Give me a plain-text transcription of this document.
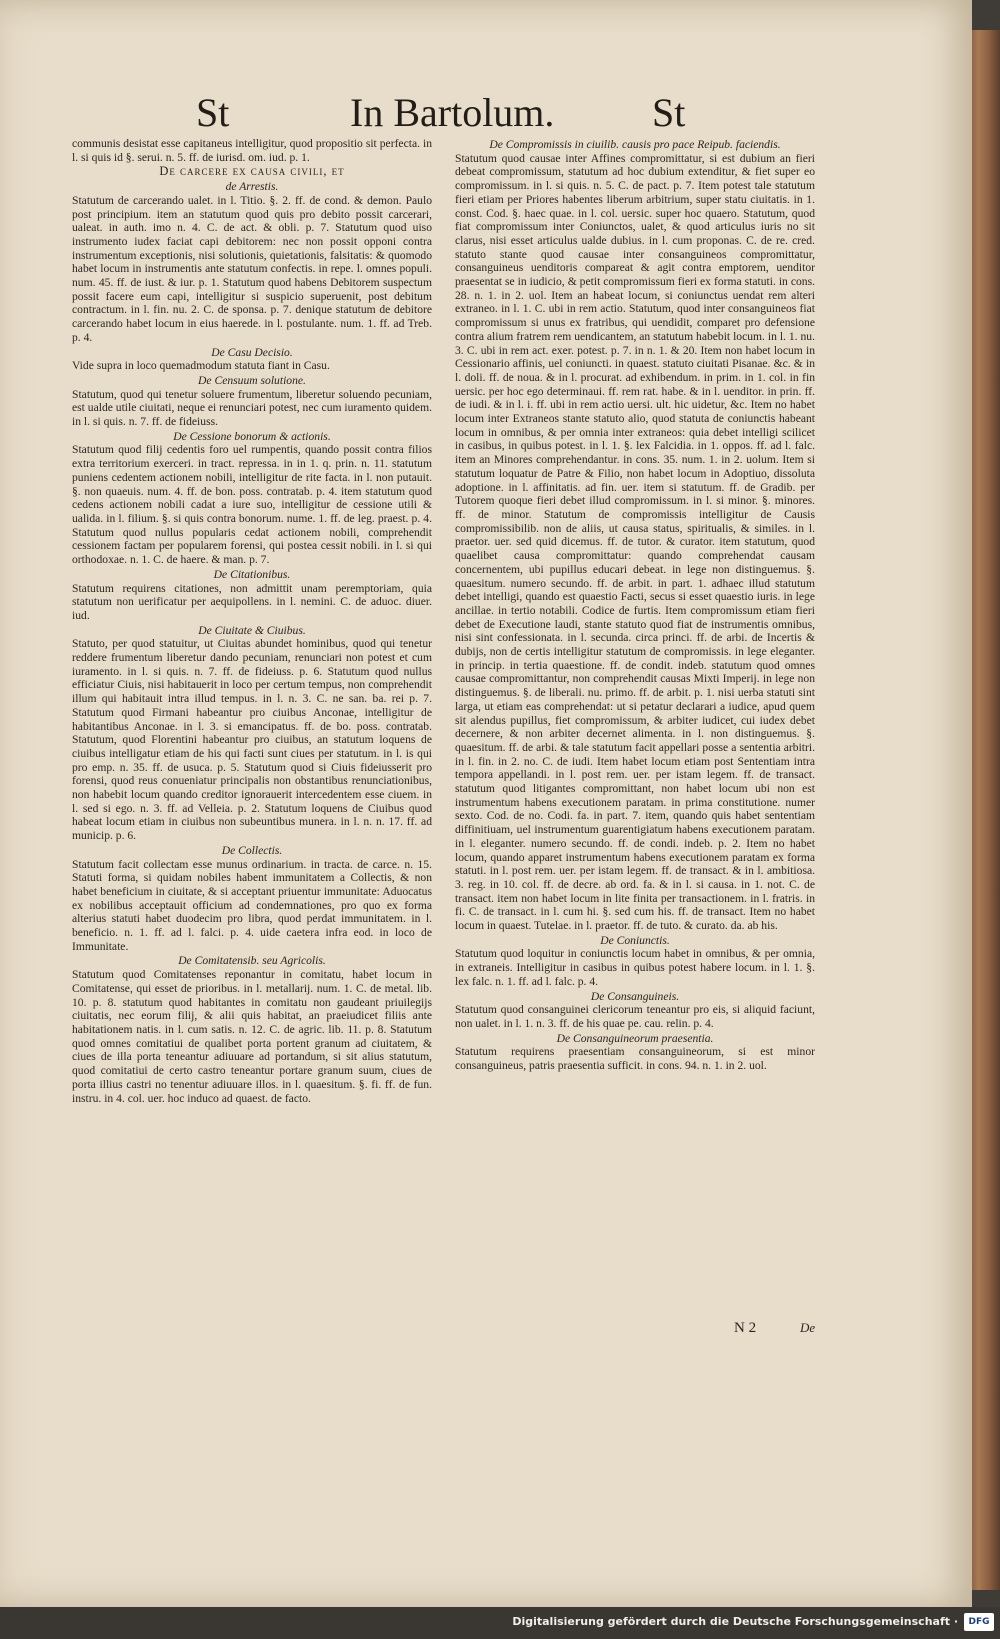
St	In Bartolum. St
communis desistat esse capitaneus intelligitur, quod propositio sit perfecta. in l. si quis id §. serui. n. 5. ff. de iurisd. om. iud. p. 1.
De carcere ex causa civili, et
de Arrestis.
Statutum de carcerando ualet. in l. Titio. §. 2. ff. de cond. & demon. Paulo post principium. item an statutum quod quis pro debito possit carcerari, ualeat. in auth. imo n. 4. C. de act. & obli. p. 7. Statutum quod uiso instrumento iudex faciat capi debitorem: nec non possit opponi contra instrumentum exceptionis, nisi solutionis, quietationis, falsitatis: & quomodo habet locum in instrumentis ante statutum confectis. in repe. l. omnes populi. num. 45. ff. de iust. & iur. p. 1. Statutum quod habens Debitorem suspectum possit facere eum capi, intelligitur si suspicio superuenit, post debitum contractum. in l. fin. nu. 2. C. de sponsa. p. 7. denique statutum de debitore carcerando habet locum in eius haerede. in l. postulante. num. 1. ff. ad Treb. p. 4.
De Casu Decisio.
Vide supra in loco quemadmodum statuta fiant in Casu.
De Censuum solutione.
Statutum, quod qui tenetur soluere frumentum, liberetur soluendo pecuniam, est ualde utile ciuitati, neque ei renunciari potest, nec cum iuramento quidem. in l. si quis. n. 7. ff. de fideiuss.
De Cessione bonorum & actionis.
Statutum quod filij cedentis foro uel rumpentis, quando possit contra filios extra territorium exerceri. in tract. repressa. in in 1. q. prin. n. 11. statutum puniens cedentem actionem nobili, intelligitur de rite facta. in l. non putauit. §. non quaeuis. num. 4. ff. de bon. poss. contratab. p. 4. item statutum quod cedens actionem nobili cadat a iure suo, intelligitur de cessione utili & ualida. in l. filium. §. si quis contra bonorum. nume. 1. ff. de leg. praest. p. 4. Statutum quod nullus popularis cedat actionem nobili, comprehendit cessionem factam per popularem forensi, qui postea cessit nobili. in l. si qui orthodoxae. n. 1. C. de haere. & man. p. 7.
De Citationibus.
Statutum requirens citationes, non admittit unam peremptoriam, quia statutum non uerificatur per aequipollens. in l. nemini. C. de aduoc. diuer. iud.
De Ciuitate & Ciuibus.
Statuto, per quod statuitur, ut Ciuitas abundet hominibus, quod qui tenetur reddere frumentum liberetur dando pecuniam, renunciari non potest et cum iuramento. in l. si quis. n. 7. ff. de fideiuss. p. 6. Statutum quod nullus efficiatur Ciuis, nisi habitauerit in loco per certum tempus, non comprehendit illum qui habitauit intra illud tempus. in l. n. 3. C. ne san. ba. rei p. 7. Statutum quod Firmani habeantur pro ciuibus Anconae, intelligitur de habitantibus Anconae. in l. 3. si emancipatus. ff. de bo. poss. contratab. Statutum, quod Florentini habeantur pro ciuibus, an statutum loquens de ciuibus intelligatur etiam de his qui facti sunt ciues per statutum. in l. is qui pro emp. n. 35. ff. de usuca. p. 5. Statutum quod si Ciuis fideiusserit pro forensi, quod reus conueniatur principalis non obstantibus renunciationibus, non habebit locum quando creditor ignorauerit intercedentem esse ciuem. in l. sed si ego. n. 3. ff. ad Velleia. p. 2. Statutum loquens de Ciuibus quod habeat locum etiam in ciuibus non subeuntibus munera. in l. n. n. 17. ff. ad municip. p. 6.
De Collectis.
Statutum facit collectam esse munus ordinarium. in tracta. de carce. n. 15. Statuti forma, si quidam nobiles habent immunitatem a Collectis, & non habet beneficium in ciuitate, & si acceptant priuentur immunitate: Aduocatus ex nobilibus acceptauit officium ad condemnationes, pro quo ex forma alterius statuti habet duodecim pro libra, quod perdat immunitatem. in l. beneficio. n. 1. ff. ad l. falci. p. 4. uide caetera infra eod. in loco de Immunitate.
De Comitatensib. seu Agricolis.
Statutum quod Comitatenses reponantur in comitatu, habet locum in Comitatense, qui esset de prioribus. in l. metallarij. num. 1. C. de metal. lib. 10. p. 8. statutum quod habitantes in comitatu non gaudeant priuilegijs ciuitatis, nec eorum filij, & alii quis habitat, an praeiudicet filiis ante habitationem natis. in l. cum satis. n. 12. C. de agric. lib. 11. p. 8. Statutum quod omnes comitatiui de qualibet porta portent granum ad ciuitatem, & ciues de illa porta teneantur adiuuare ad portandum, si sit alius statutum, quod comitatiui de certo castro teneantur portare granum suum, ciues de porta illius castri no tenentur adiuuare illos. in l. quaesitum. §. fi. ff. de fun. instru. in 4. col. uer. hoc induco ad quaest. de facto.
De Compromissis in ciuilib. causis pro pace Reipub. faciendis.
Statutum quod causae inter Affines compromittatur, si est dubium an fieri debeat compromissum, statutum ad hoc dubium extenditur, & fiet super eo compromissum. in l. si quis. n. 5. C. de pact. p. 7. Item potest tale statutum fieri etiam per Priores habentes liberum arbitrium, super statu ciuitatis. in 1. const. Cod. §. haec quae. in l. col. uersic. super hoc quaero. Statutum, quod fiat compromissum inter Coniunctos, ualet, & quod articulus iuris no sit clarus, nisi esset articulus ualde dubius. in l. cum proponas. C. de re. cred. statuto stante quod causae inter consanguineos compromittatur, consanguineus uenditoris compareat & agit contra emptorem, uenditor praesentat se in iudicio, & petit compromissum fieri ex forma statuti. in cons. 28. n. 1. in 2. uol. Item an habeat locum, si coniunctus uendat rem alteri extraneo. in l. 1. C. ubi in rem actio. Statutum, quod inter consanguineos fiat compromissum si unus ex fratribus, qui uendidit, comparet pro defensione contra alium fratrem rem uendicantem, an statutum habebit locum. in l. 1. nu. 3. C. ubi in rem act. exer. potest. p. 7. in n. 1. & 20. Item non habet locum in Cessionario affinis, uel coniuncti. in quaest. statuto ciuitati Pisanae. &c. & in l. doli. ff. de noua. & in l. procurat. ad exhibendum. in prim. in 1. col. in fin uersic. per hoc ego determinaui. ff. rem rat. habe. & in l. uenditor. in prin. ff. de iudi. & in l. i. ff. ubi in rem actio uersi. ult. hic uidetur, &c. Item no habet locum inter Extraneos stante statuto alio, quod statuta de coniunctis habeant locum in omnibus, & per omnia inter extraneos: quia debet intelligi scilicet in casibus, in quibus potest. in l. 1. §. lex Falcidia. in 1. oppos. ff. ad l. falc. item an Minores comprehendantur. in cons. 35. num. 1. in 2. uolum. Item si statutum loquatur de Patre & Filio, non habet locum in Adoptiuo, dissoluta adoptione. in l. affinitatis. ad fin. uer. item si statutum. ff. de Gradib. per Tutorem quoque fieri debet illud compromissum. in l. si minor. §. minores. ff. de minor. Statutum de compromissis intelligitur de Causis compromissibilib. non de aliis, ut causa status, spiritualis, & similes. in l. praetor. uer. sed quid dicemus. ff. de tutor. & curator. item statutum, quod quaelibet causa compromittatur: quando comprehendat causam concernentem, ubi pupillus educari debeat. in lege non distinguemus. §. quaesitum. numero secundo. ff. de arbit. in part. 1. adhaec illud statutum debet intelligi, quando est quaestio Facti, secus si esset quaestio iuris. in lege ancillae. in tertio notabili. Codice de furtis. Item compromissum etiam fieri debet de Executione laudi, stante statuto quod fiat de instrumentis omnibus, nisi sint confessionata. in l. secunda. circa princi. ff. de arbi. de Incertis & dubijs, non de certis intelligitur statutum de compromissis. in lege eleganter. in princip. in tertia quaestione. ff. de condit. indeb. statutum quod omnes causae compromittantur, non comprehendit causas Mixti Imperij. in lege non distinguemus. §. de liberali. nu. primo. ff. de arbit. p. 1. nisi uerba statuti sint larga, ut etiam eas comprehendat: ut si petatur declarari a iudice, apud quem sit alendus pupillus, fiet compromissum, & arbiter iudicet, cui iudex debet decernere, & non arbiter decernet alimenta. in l. non distinguemus. §. quaesitum. ff. de arbi. & tale statutum facit appellari posse a sententia arbitri. in l. fin. in 2. no. C. de iudi. Item habet locum etiam post Sententiam intra tempora appellandi. in l. post rem. uer. per istam legem. ff. de transact. statutum quod litigantes compromittant, non habet locum ubi non est instrumentum habens executionem paratam. in prima constitutione. numer sexto. Cod. de no. Codi. fa. in part. 7. item, quando quis habet sententiam diffinitiuam, uel instrumentum guarentigiatum habens executionem paratam. in l. eleganter. numero secundo. ff. de condi. indeb. p. 2. Item no habet locum, quando apparet instrumentum habens executionem paratam ex forma statuti. in l. post rem. uer. per istam legem. ff. de transact. & in l. ambitiosa. 3. reg. in 10. col. ff. de decre. ab ord. fa. & in l. si causa. in 1. not. C. de transact. item non habet locum in lite finita per transactionem. in l. fratris. in fi. C. de transact. in l. cum hi. §. sed cum his. ff. de transact. Item no habet locum in quaest. Tutelae. in l. praetor. ff. de tuto. & curato. da. ab his.
De Coniunctis.
Statutum quod loquitur in coniunctis locum habet in omnibus, & per omnia, in extraneis. Intelligitur in casibus in quibus potest habere locum. in l. 1. §. lex falc. n. 1. ff. ad l. falc. p. 4.
De Consanguineis.
Statutum quod consanguinei clericorum teneantur pro eis, si aliquid faciunt, non ualet. in l. 1. n. 3. ff. de his quae pe. cau. relin. p. 4.
De Consanguineorum praesentia.
Statutum requirens praesentiam consanguineorum, si est minor consanguineus, patris praesentia sufficit. in cons. 94. n. 1. in 2. uol.
N 2	De
Digitalisierung gefördert durch die Deutsche Forschungsgemeinschaft ·	DFG
